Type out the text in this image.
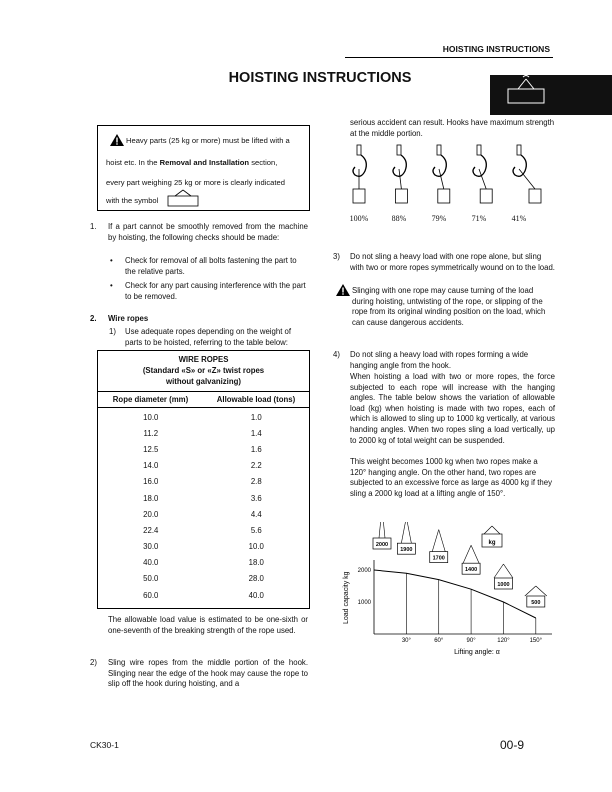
HOISTING INSTRUCTIONS
HOISTING INSTRUCTIONS
Heavy parts (25 kg or more) must be lifted with a
hoist etc. In the Removal and Installation section,
every part weighing 25 kg or more is clearly indicated
with the symbol
1. If a part cannot be smoothly removed from the machine by hoisting, the following checks should be made:
• Check for removal of all bolts fastening the part to the relative parts.
• Check for any part causing interference with the part to be removed.
2. Wire ropes
1) Use adequate ropes depending on the weight of parts to be hoisted, referring to the table below:
WIRE ROPES
(Standard «S» or «Z» twist ropes
without galvanizing)
Rope diameter (mm)	Allowable load (tons)
10.0	1.0
11.2	1.4
12.5	1.6
14.0	2.2
16.0	2.8
18.0	3.6
20.0	4.4
22.4	5.6
30.0	10.0
40.0	18.0
50.0	28.0
60.0	40.0
The allowable load value is estimated to be one-sixth or one-seventh of the breaking strength of the rope used.
2) Sling wire ropes from the middle portion of the hook. Slinging near the edge of the hook may cause the rope to slip off the hook during hoisting, and a
serious accident can result. Hooks have maximum strength at the middle portion.
100%	88%	79%	71%	41%
3) Do not sling a heavy load with one rope alone, but sling with two or more ropes symmetrically wound on to the load.
Slinging with one rope may cause turning of the load during hoisting, untwisting of the rope, or slipping of the rope from its original winding position on the load, which can cause dangerous accidents.
4) Do not sling a heavy load with ropes forming a wide hanging angle from the hook.
When hoisting a load with two or more ropes, the force subjected to each rope will increase with the hanging angles. The table below shows the variation of allowable load (kg) when hoisting is made with two ropes, each of which is allowed to sling up to 1000 kg vertically, at various handing angles. When two ropes sling a load vertically, up to 2000 kg of total weight can be suspended.
This weight becomes 1000 kg when two ropes make a 120° hanging angle. On the other hand, two ropes are subjected to an excessive force as large as 4000 kg if they sling a 2000 kg load at a lifting angle of 150°.
2000
1000
30°	60°	90°	120°	150°
2000
1900
1700
1400
1000
500
kg
Load capacity kg
Lifting angle: α
CK30-1	00-9
